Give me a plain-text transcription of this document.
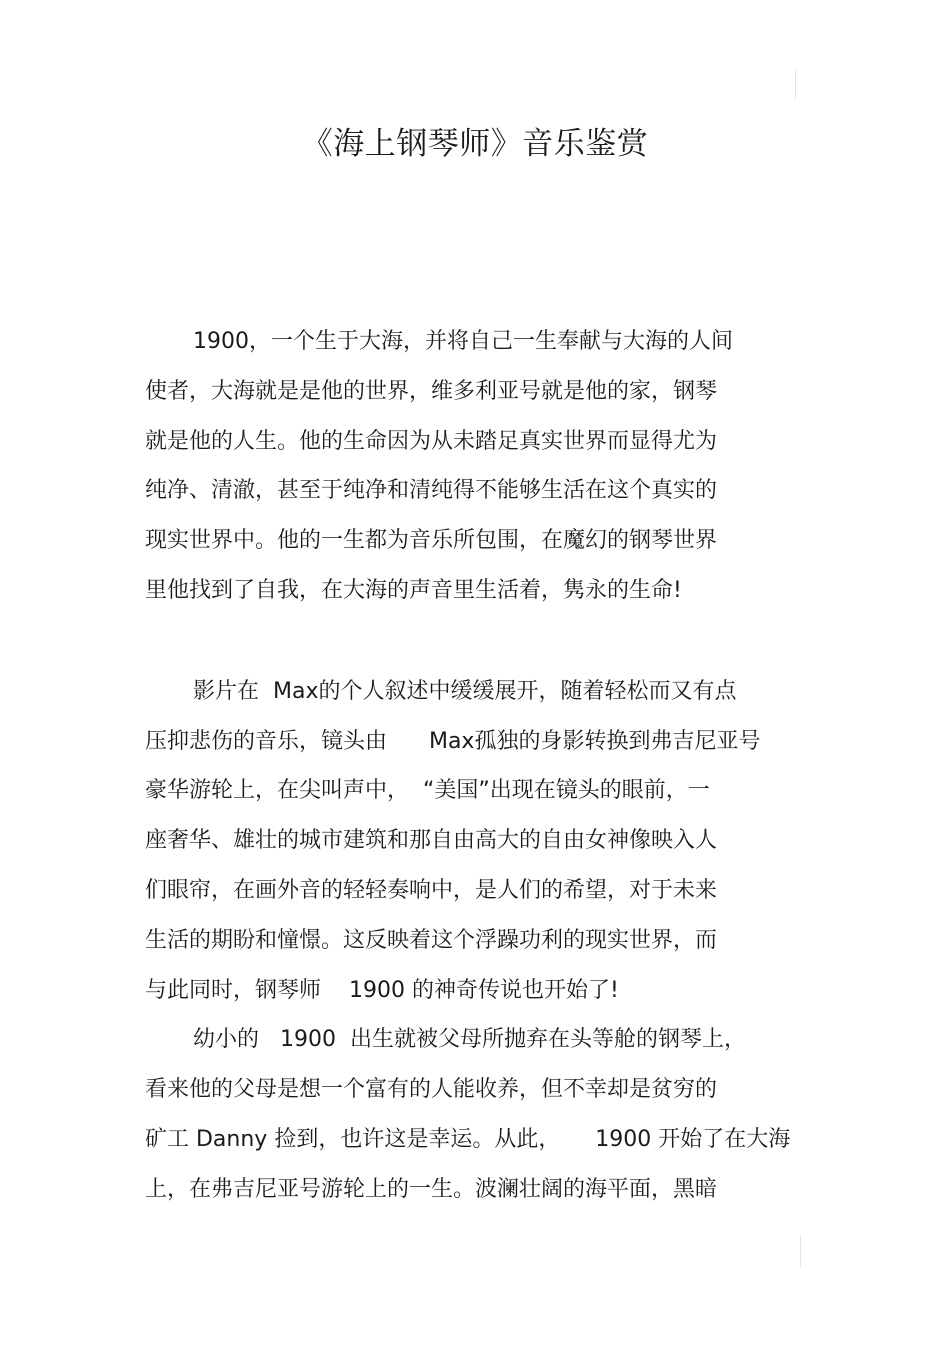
《海上钢琴师》音乐鉴赏
1900，一个生于大海，并将自己一生奉献与大海的人间
使者，大海就是是他的世界，维多利亚号就是他的家，钢琴
就是他的人生。他的生命因为从未踏足真实世界而显得尤为
纯净、清澈，甚至于纯净和清纯得不能够生活在这个真实的
现实世界中。他的一生都为音乐所包围，在魔幻的钢琴世界
里他找到了自我，在大海的声音里生活着，隽永的生命!
影片在  Max的个人叙述中缓缓展开，随着轻松而又有点
压抑悲伤的音乐，镜头由      Max孤独的身影转换到弗吉尼亚号
豪华游轮上，在尖叫声中，  “美国”出现在镜头的眼前，一
座奢华、雄壮的城市建筑和那自由高大的自由女神像映入人
们眼帘，在画外音的轻轻奏响中，是人们的希望，对于未来
生活的期盼和憧憬。这反映着这个浮躁功利的现实世界，而
与此同时，钢琴师    1900 的神奇传说也开始了!
幼小的   1900  出生就被父母所抛弃在头等舱的钢琴上，
看来他的父母是想一个富有的人能收养，但不幸却是贫穷的
矿工 Danny 捡到，也许这是幸运。从此，     1900 开始了在大海
上，在弗吉尼亚号游轮上的一生。波澜壮阔的海平面，黑暗
